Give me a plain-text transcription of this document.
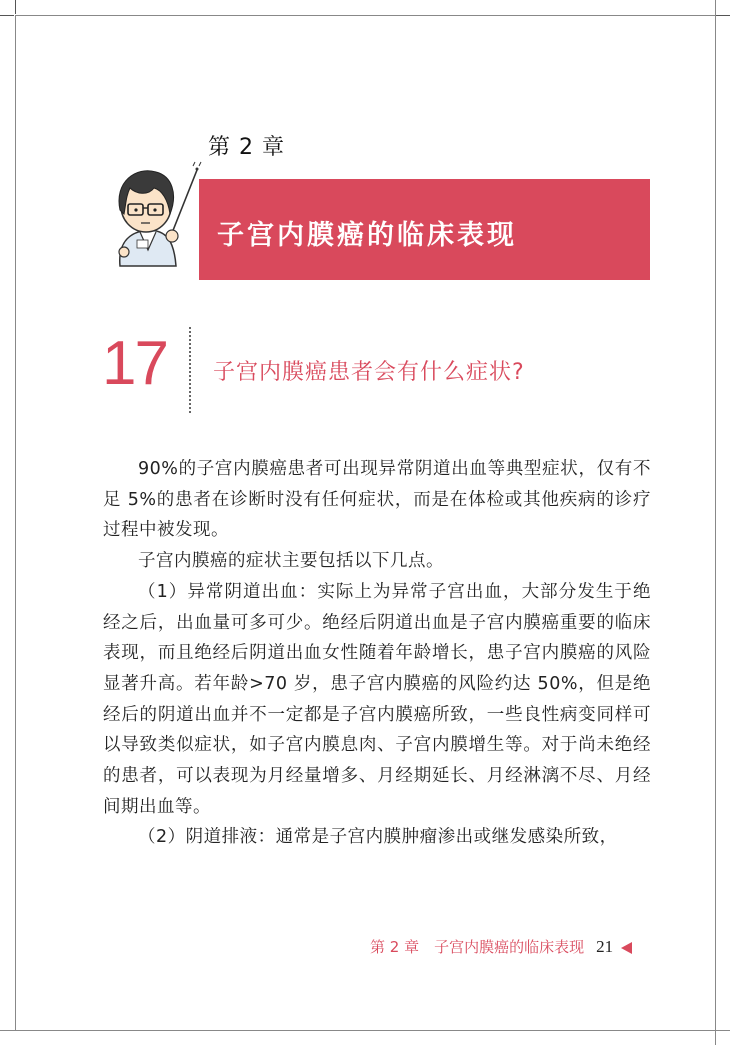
第 2 章
子宫内膜癌的临床表现
17 子宫内膜癌患者会有什么症状?

90%的子宫内膜癌患者可出现异常阴道出血等典型症状，仅有不足 5%的患者在诊断时没有任何症状，而是在体检或其他疾病的诊疗过程中被发现。

子宫内膜癌的症状主要包括以下几点。

（1）异常阴道出血：实际上为异常子宫出血，大部分发生于绝经之后，出血量可多可少。绝经后阴道出血是子宫内膜癌重要的临床表现，而且绝经后阴道出血女性随着年龄增长，患子宫内膜癌的风险显著升高。若年龄>70 岁，患子宫内膜癌的风险约达 50%，但是绝经后的阴道出血并不一定都是子宫内膜癌所致，一些良性病变同样可以导致类似症状，如子宫内膜息肉、子宫内膜增生等。对于尚未绝经的患者，可以表现为月经量增多、月经期延长、月经淋漓不尽、月经间期出血等。

（2）阴道排液：通常是子宫内膜肿瘤渗出或继发感染所致，

第 2 章　子宫内膜癌的临床表现 21
